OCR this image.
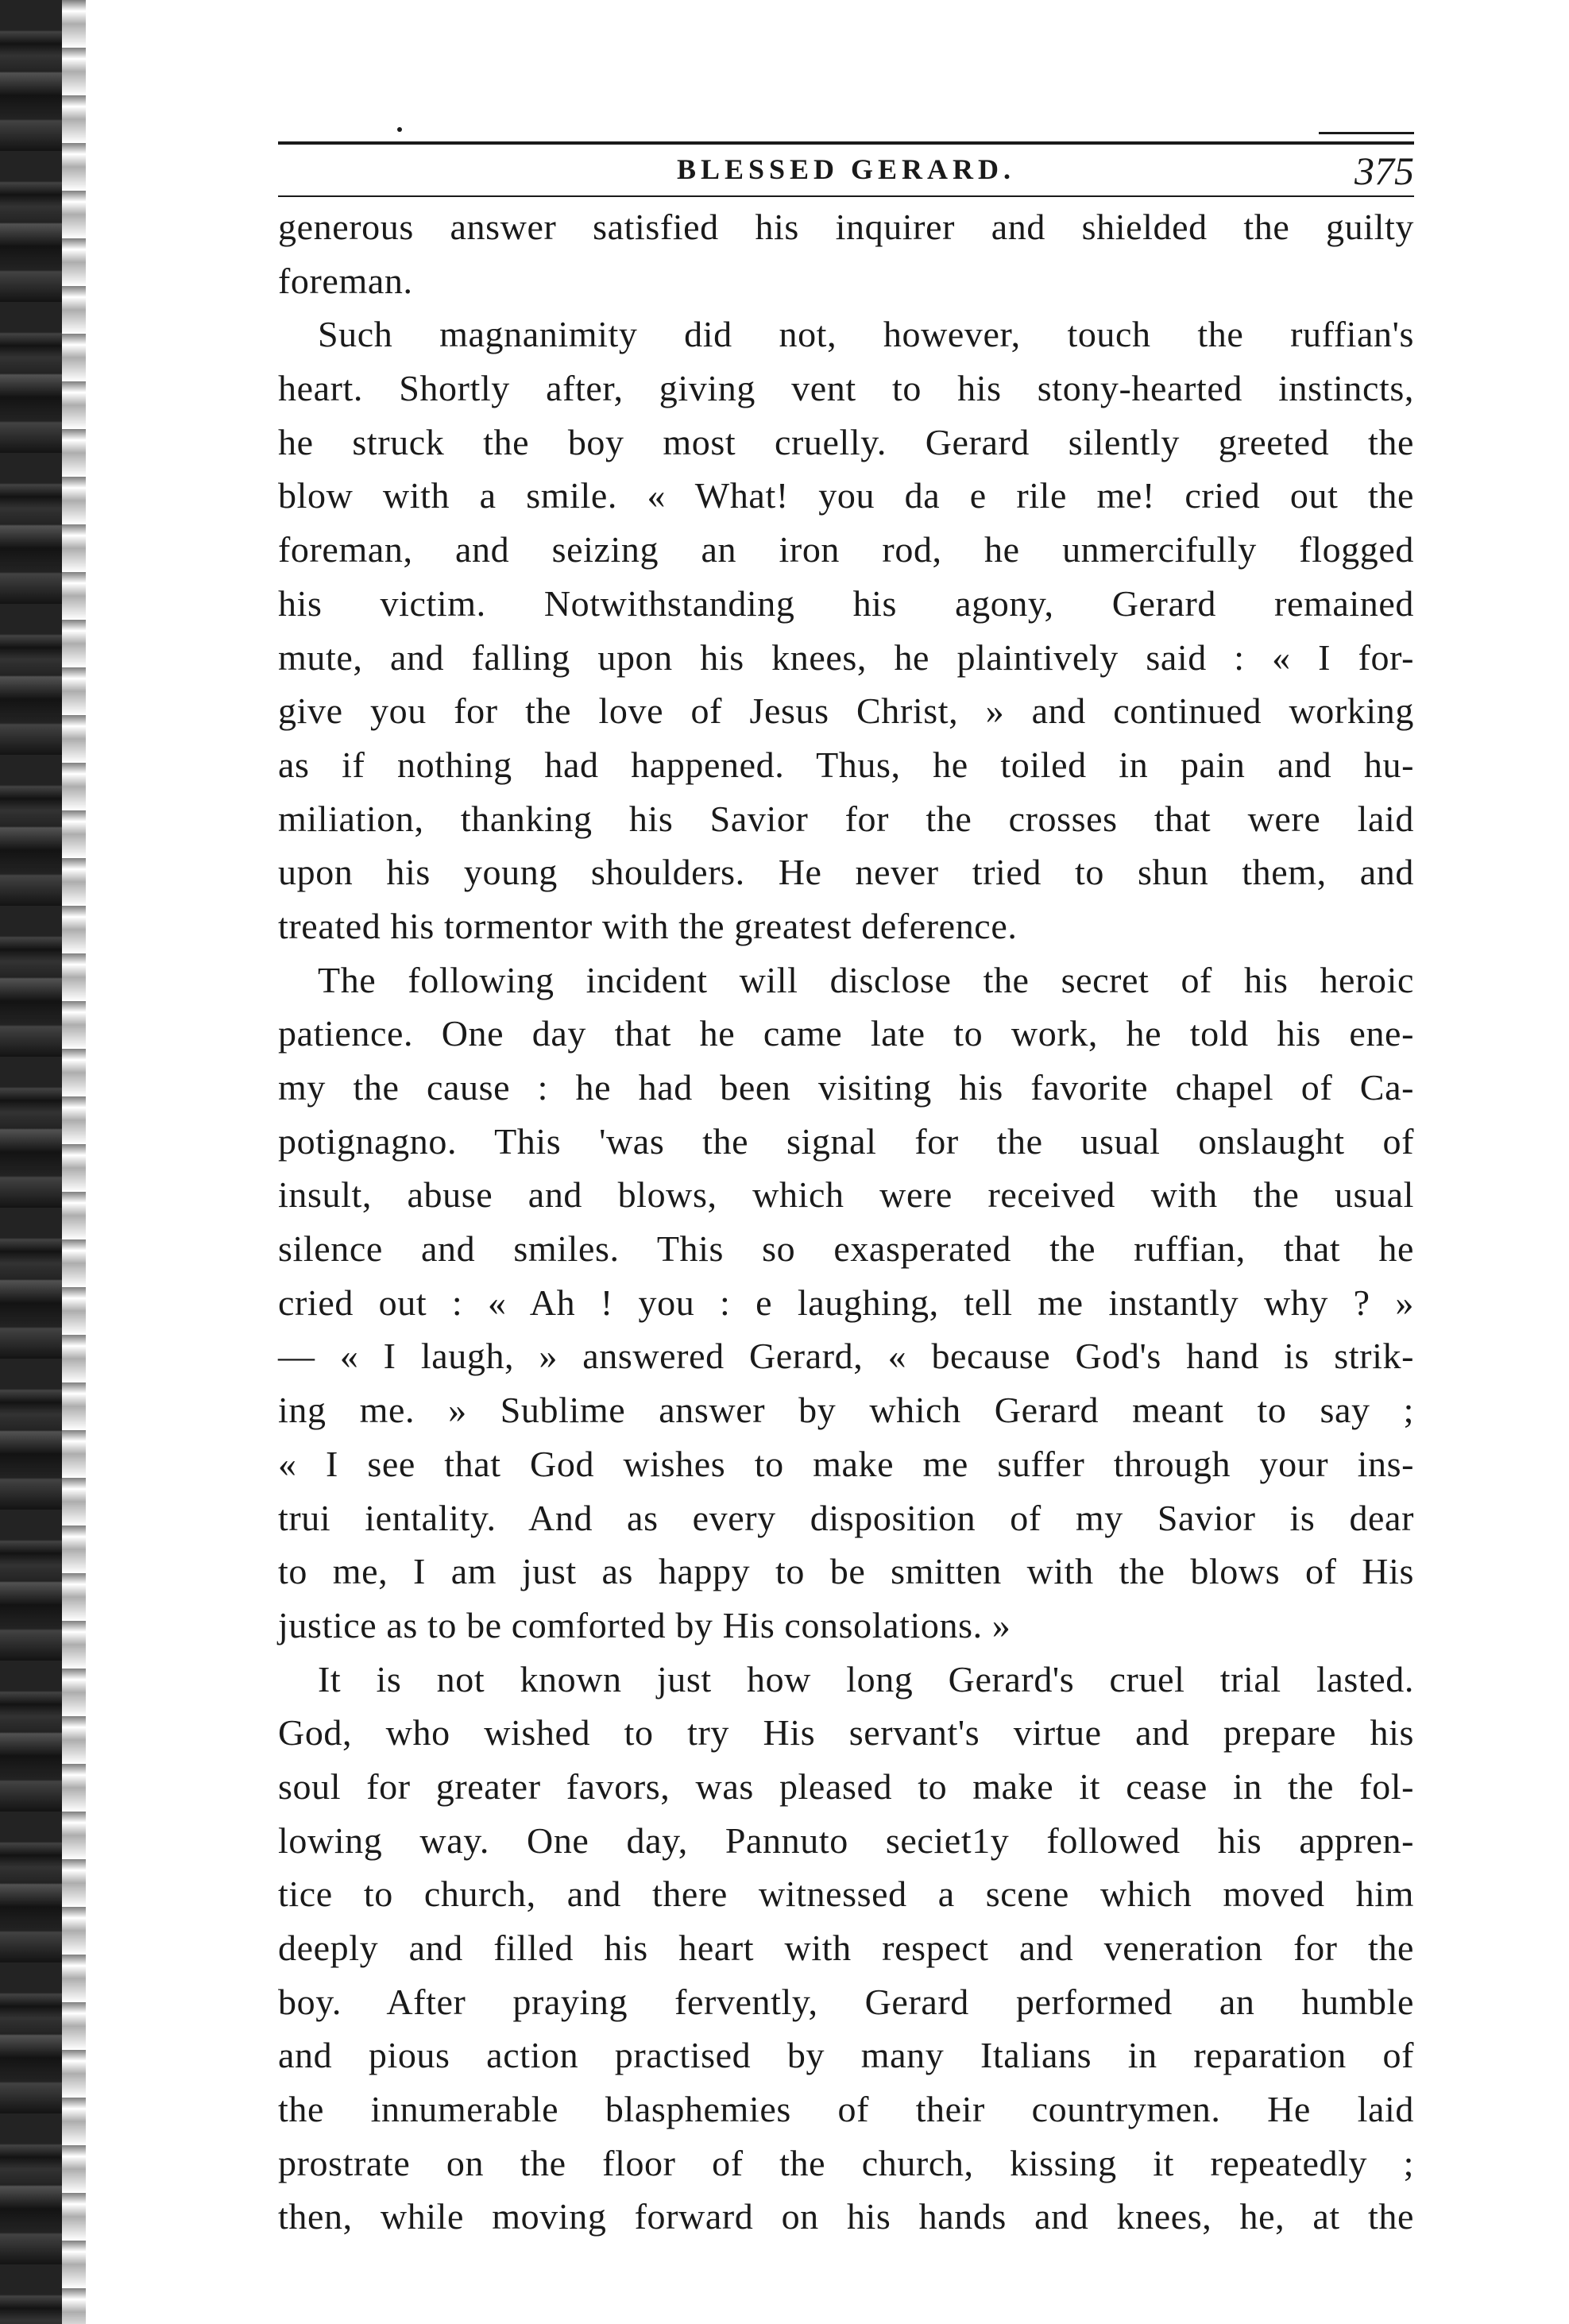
BLESSED GERARD.	375
generous answer satisfied his inquirer and shielded the guilty
foreman.
Such magnanimity did not, however, touch the ruffian's
heart. Shortly after, giving vent to his stony-hearted instincts,
he struck the boy most cruelly. Gerard silently greeted the
blow with a smile. « What! you da e rile me! cried out the
foreman, and seizing an iron rod, he unmercifully flogged
his victim. Notwithstanding his agony, Gerard remained
mute, and falling upon his knees, he plaintively said : « I for-
give you for the love of Jesus Christ, » and continued working
as if nothing had happened. Thus, he toiled in pain and hu-
miliation, thanking his Savior for the crosses that were laid
upon his young shoulders. He never tried to shun them, and
treated his tormentor with the greatest deference.
The following incident will disclose the secret of his heroic
patience. One day that he came late to work, he told his ene-
my the cause : he had been visiting his favorite chapel of Ca-
potignagno. This 'was the signal for the usual onslaught of
insult, abuse and blows, which were received with the usual
silence and smiles. This so exasperated the ruffian, that he
cried out : « Ah ! you : e laughing, tell me instantly why ? »
— « I laugh, » answered Gerard, « because God's hand is strik-
ing me. » Sublime answer by which Gerard meant to say ;
« I see that God wishes to make me suffer through your ins-
trui ientality. And as every disposition of my Savior is dear
to me, I am just as happy to be smitten with the blows of His
justice as to be comforted by His consolations. »
It is not known just how long Gerard's cruel trial lasted.
God, who wished to try His servant's virtue and prepare his
soul for greater favors, was pleased to make it cease in the fol-
lowing way. One day, Pannuto seciet1y followed his appren-
tice to church, and there witnessed a scene which moved him
deeply and filled his heart with respect and veneration for the
boy. After praying fervently, Gerard performed an humble
and pious action practised by many Italians in reparation of
the innumerable blasphemies of their countrymen. He laid
prostrate on the floor of the church, kissing it repeatedly ;
then, while moving forward on his hands and knees, he, at the
